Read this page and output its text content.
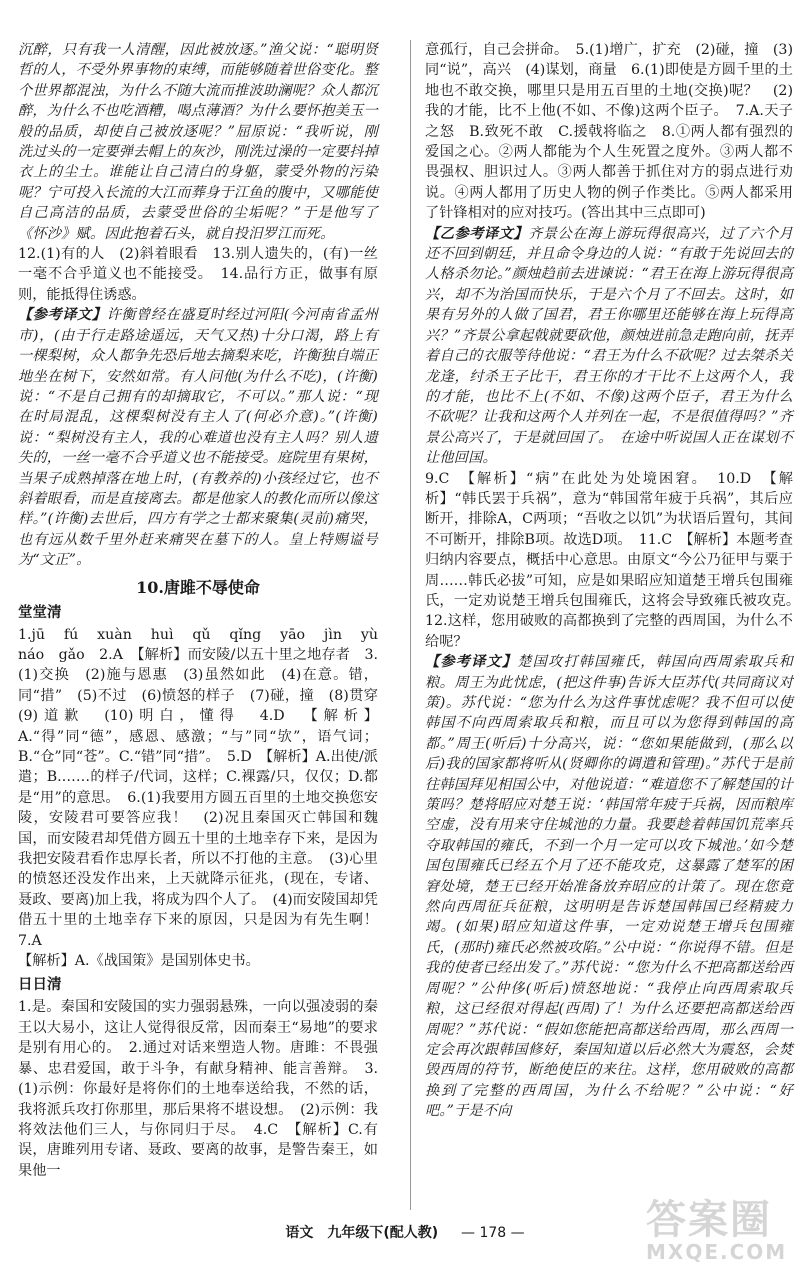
沉醉，只有我一人清醒，因此被放逐。”渔父说：“聪明贤哲的人，不受外界事物的束缚，而能够随着世俗变化。整个世界都混浊，为什么不随大流而推波助澜呢？众人都沉醉，为什么不也吃酒糟，喝点薄酒？为什么要怀抱美玉一般的品质，却使自己被放逐呢？”屈原说：“我听说，刚洗过头的一定要弹去帽上的灰沙，刚洗过澡的一定要抖掉衣上的尘土。谁能让自己清白的身躯，蒙受外物的污染呢？宁可投入长流的大江而葬身于江鱼的腹中，又哪能使自己高洁的品质，去蒙受世俗的尘垢呢？”于是他写了《怀沙》赋。因此抱着石头，就自投汨罗江而死。

12.(1)有的人　(2)斜着眼看　13.别人遗失的，(有)一丝一毫不合乎道义也不能接受。　14.品行方正，做事有原则，能抵得住诱惑。

【参考译文】许衡曾经在盛夏时经过河阳(今河南省孟州市)，(由于行走路途遥远，天气又热)十分口渴，路上有一棵梨树，众人都争先恐后地去摘梨来吃，许衡独自端正地坐在树下，安然如常。有人问他(为什么不吃)，(许衡)说：“不是自己拥有的却摘取它，不可以。”那人说：“现在时局混乱，这棵梨树没有主人了(何必介意)。”(许衡)说：“梨树没有主人，我的心难道也没有主人吗？别人遗失的，一丝一毫不合乎道义也不能接受。庭院里有果树，当果子成熟掉落在地上时，(有教养的)小孩经过它，也不斜着眼看，而是直接离去。都是他家人的教化而所以像这样。”(许衡)去世后，四方有学之士都来聚集(灵前)痛哭，也有远从数千里外赶来痛哭在墓下的人。皇上特赐谥号为“文正”。

10.唐雎不辱使命
堂堂清

1.jū　fú　xuàn　huì　qǔ　qǐng　yāo　jìn　yù　náo　gǎo　2.A　【解析】而安陵/以五十里之地存者　3.(1)交换　(2)施与恩惠　(3)虽然如此　(4)在意。错，同“措”　(5)不过　(6)愤怒的样子　(7)碰，撞　(8)贯穿　(9)道歉　(10)明白，懂得　4.D　【解析】A.“得”同“德”，感恩、感激；“与”同“欤”，语气词；B.“仓”同“苍”。C.“错”同“措”。　5.D　【解析】A.出使/派遣；B.……的样子/代词，这样；C.裸露/只，仅仅；D.都是“用”的意思。　6.(1)我要用方圆五百里的土地交换您安陵，安陵君可要答应我！　(2)况且秦国灭亡韩国和魏国，而安陵君却凭借方圆五十里的土地幸存下来，是因为我把安陵君看作忠厚长者，所以不打他的主意。　(3)心里的愤怒还没发作出来，上天就降示征兆，(现在，专诸、聂政、要离)加上我，将成为四个人了。　(4)而安陵国却凭借五十里的土地幸存下来的原因，只是因为有先生啊！　7.A

【解析】A.《战国策》是国别体史书。

日日清

1.是。秦国和安陵国的实力强弱悬殊，一向以强凌弱的秦王以大易小，这让人觉得很反常，因而秦王“易地”的要求是别有用心的。　2.通过对话来塑造人物。唐雎：不畏强暴、忠君爱国，敢于斗争，有献身精神、能言善辩。　3.(1)示例：你最好是将你们的土地奉送给我，不然的话，我将派兵攻打你那里，那后果将不堪设想。　(2)示例：我将效法他们三人，与你同归于尽。　4.C　【解析】C.有误，唐雎列用专诸、聂政、要离的故事，是警告秦王，如果他一

意孤行，自己会拼命。　5.(1)增广，扩充　(2)碰，撞　(3)同“说”，高兴　(4)谋划，商量　6.(1)即使是方圆千里的土地也不敢交换，哪里只是用五百里的土地(交换)呢？　(2)我的才能，比不上他(不如、不像)这两个臣子。　7.A.天子之怒　B.致死不敢　C.援戟将临之　8.①两人都有强烈的爱国之心。②两人都能为个人生死置之度外。③两人都不畏强权、胆识过人。③两人都善于抓住对方的弱点进行劝说。④两人都用了历史人物的例子作类比。⑤两人都采用了针锋相对的应对技巧。(答出其中三点即可)

【乙参考译文】齐景公在海上游玩得很高兴，过了六个月还不回到朝廷，并且命令身边的人说：“有敢于先说回去的人格杀勿论。”颜烛趋前去进谏说：“君王在海上游玩得很高兴，却不为治国而快乐，于是六个月了不回去。这时，如果有另外的人做了国君，君王你哪里还能够在海上玩得高兴？”齐景公拿起戟就要砍他，颜烛进前急走跑向前，抚弄着自己的衣服等待他说：“君王为什么不砍呢？过去桀杀关龙逢，纣杀王子比干，君王你的才干比不上这两个人，我的才能，也比不上(不如、不像)这两个臣子，君王为什么不砍呢？让我和这两个人并列在一起，不是很值得吗？”齐景公高兴了，于是就回国了。　在途中听说国人正在谋划不让他回国。

9.C　【解析】“病”在此处为处境困窘。　10.D　【解析】“韩氏罢于兵祸”，意为“韩国常年疲于兵祸”，其后应断开，排除A，C两项；“吾收之以饥”为状语后置句，其间不可断开，排除B项。故选D项。　11.C　【解析】本题考查归纳内容要点，概括中心意思。由原文“今公乃征甲与粟于周……韩氏必拔”可知，应是如果昭应知道楚王增兵包围雍氏，一定劝说楚王增兵包围雍氏，这将会导致雍氏被攻克。　12.这样，您用破败的高都换到了完整的西周国，为什么不给呢？

【参考译文】楚国攻打韩国雍氏，韩国向西周索取兵和粮。周王为此忧虑，(把这件事)告诉大臣苏代(共同商议对策)。苏代说：“您为什么为这件事忧虑呢？我不但可以使韩国不向西周索取兵和粮，而且可以为您得到韩国的高都。”周王(听后)十分高兴，说：“您如果能做到，(那么以后)我的国家都将听从(贤卿你的调遣和管理)。”苏代于是前往韩国拜见相国公中，对他说道：“难道您不了解楚国的计策吗？楚将昭应对楚王说：‘韩国常年疲于兵祸，因而粮库空虚，没有用来守住城池的力量。我要趁着韩国饥荒率兵夺取韩国的雍氏，不到一个月一定可以攻下城池。’如今楚国包围雍氏已经五个月了还不能攻克，这暴露了楚军的困窘处境，楚王已经开始准备放弃昭应的计策了。现在您竟然向西周征兵征粮，这明明是告诉楚国韩国已经精疲力竭。(如果)昭应知道这件事，一定劝说楚王增兵包围雍氏，(那时)雍氏必然被攻陷。”公中说：“你说得不错。但是我的使者已经出发了。”苏代说：“您为什么不把高都送给西周呢？”公仲侈(听后)愤怒地说：“我停止向西周索取兵粮，这已经很对得起(西周)了！为什么还要把高都送给西周呢？”苏代说：“假如您能把高都送给西周，那么西周一定会再次跟韩国修好，秦国知道以后必然大为震怒，会焚毁西周的符节，断绝使臣的来往。这样，您用破败的高都换到了完整的西周国，为什么不给呢？”公中说：“好吧。”于是不向

语文　九年级下(配人教) — 178 —	答案圈
MXQE.COM
